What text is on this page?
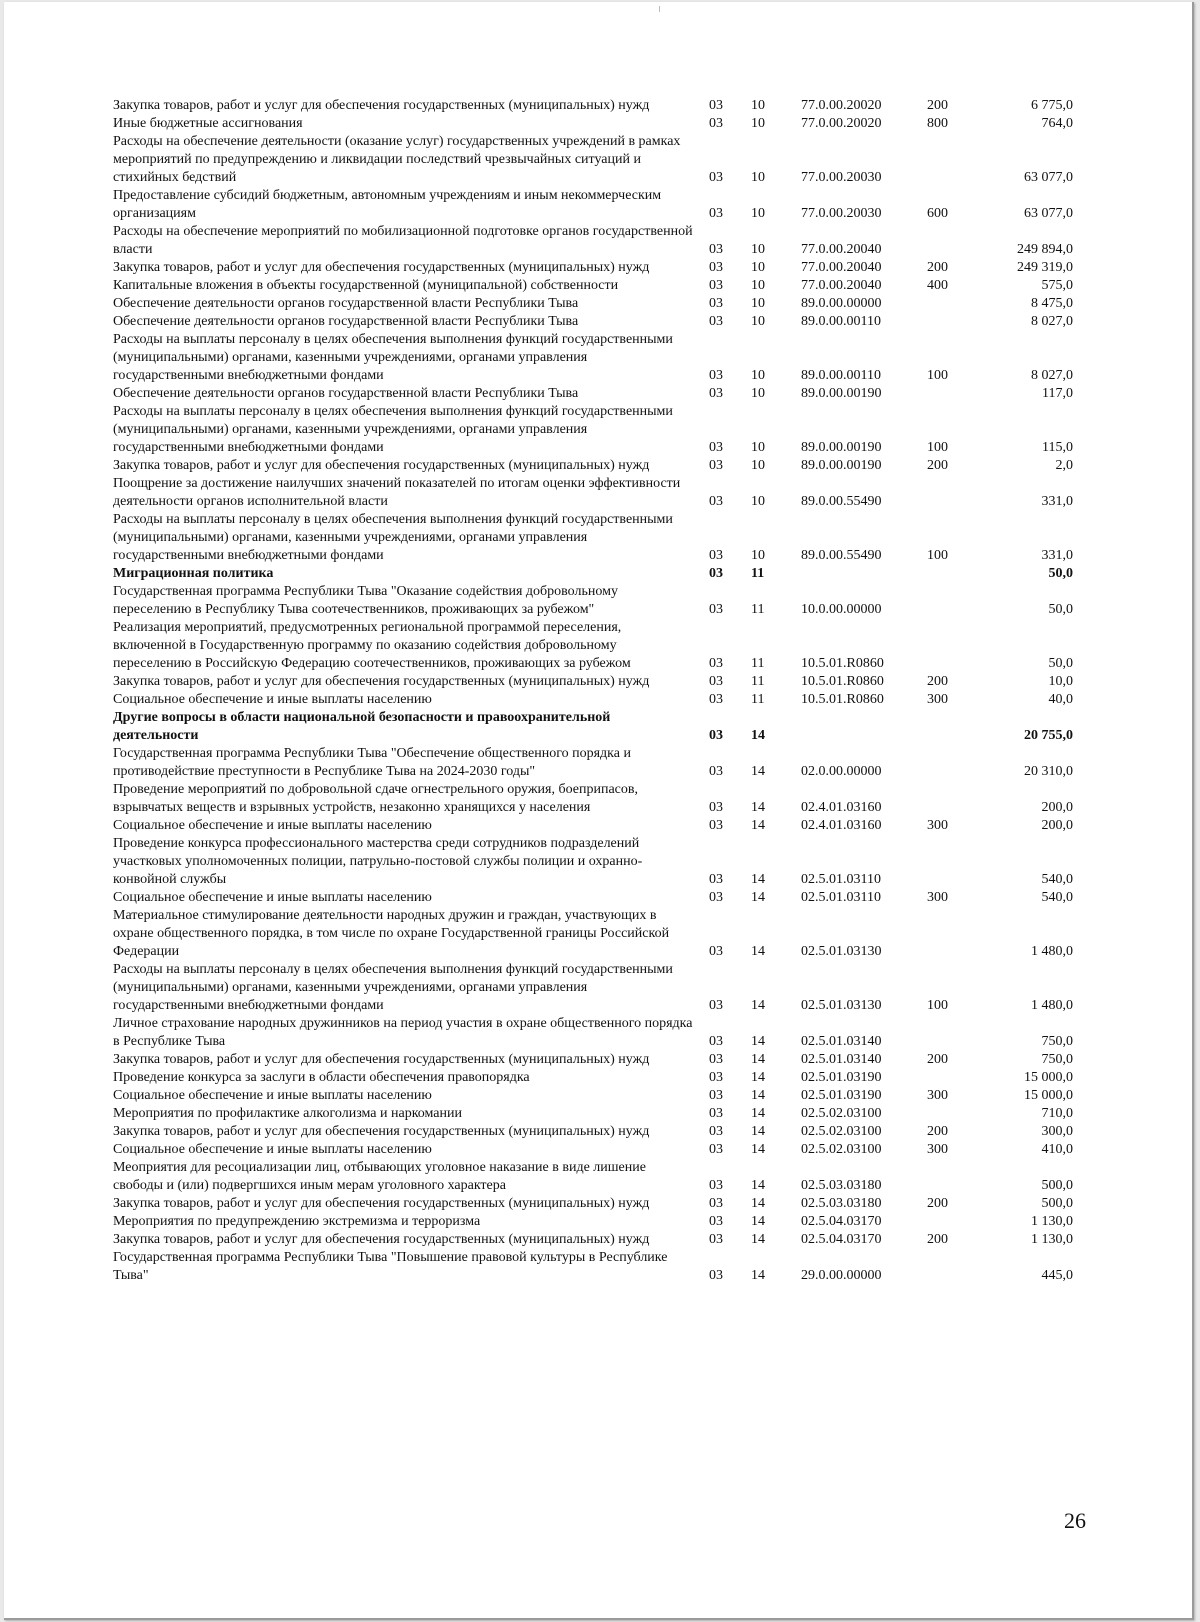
Закупка товаров, работ и услуг для обеспечения государственных (муниципальных) нужд	03	10	77.0.00.20020	200	6 775,0
Иные бюджетные ассигнования	03	10	77.0.00.20020	800	764,0
Расходы на обеспечение деятельности (оказание услуг) государственных учреждений в рамках мероприятий по предупреждению и ликвидации последствий чрезвычайных ситуаций и стихийных бедствий	03	10	77.0.00.20030		63 077,0
Предоставление субсидий бюджетным, автономным учреждениям и иным некоммерческим организациям	03	10	77.0.00.20030	600	63 077,0
Расходы на обеспечение мероприятий по мобилизационной подготовке органов государственной власти	03	10	77.0.00.20040		249 894,0
Закупка товаров, работ и услуг для обеспечения государственных (муниципальных) нужд	03	10	77.0.00.20040	200	249 319,0
Капитальные вложения в объекты государственной (муниципальной) собственности	03	10	77.0.00.20040	400	575,0
Обеспечение деятельности органов государственной власти Республики Тыва	03	10	89.0.00.00000		8 475,0
Обеспечение деятельности органов государственной власти Республики Тыва	03	10	89.0.00.00110		8 027,0
Расходы на выплаты персоналу в целях обеспечения выполнения функций государственными (муниципальными) органами, казенными учреждениями, органами управления государственными внебюджетными фондами	03	10	89.0.00.00110	100	8 027,0
Обеспечение деятельности органов государственной власти Республики Тыва	03	10	89.0.00.00190		117,0
Расходы на выплаты персоналу в целях обеспечения выполнения функций государственными (муниципальными) органами, казенными учреждениями, органами управления государственными внебюджетными фондами	03	10	89.0.00.00190	100	115,0
Закупка товаров, работ и услуг для обеспечения государственных (муниципальных) нужд	03	10	89.0.00.00190	200	2,0
Поощрение за достижение наилучших значений показателей по итогам оценки эффективности деятельности органов исполнительной власти	03	10	89.0.00.55490		331,0
Расходы на выплаты персоналу в целях обеспечения выполнения функций государственными (муниципальными) органами, казенными учреждениями, органами управления государственными внебюджетными фондами	03	10	89.0.00.55490	100	331,0
Миграционная политика	03	11			50,0
Государственная программа Республики Тыва "Оказание содействия добровольному переселению в Республику Тыва соотечественников, проживающих за рубежом"	03	11	10.0.00.00000		50,0
Реализация мероприятий, предусмотренных региональной программой переселения, включенной в Государственную программу по оказанию содействия добровольному переселению в Российскую Федерацию соотечественников, проживающих за рубежом	03	11	10.5.01.R0860		50,0
Закупка товаров, работ и услуг для обеспечения государственных (муниципальных) нужд	03	11	10.5.01.R0860	200	10,0
Социальное обеспечение и иные выплаты населению	03	11	10.5.01.R0860	300	40,0
Другие вопросы в области национальной безопасности и правоохранительной деятельности	03	14			20 755,0
Государственная программа Республики Тыва "Обеспечение общественного порядка и противодействие преступности в Республике Тыва на 2024-2030 годы"	03	14	02.0.00.00000		20 310,0
Проведение мероприятий по добровольной сдаче огнестрельного оружия, боеприпасов, взрывчатых веществ и взрывных устройств, незаконно хранящихся у населения	03	14	02.4.01.03160		200,0
Социальное обеспечение и иные выплаты населению	03	14	02.4.01.03160	300	200,0
Проведение конкурса профессионального мастерства среди сотрудников подразделений участковых уполномоченных полиции, патрульно-постовой службы полиции и охранно-конвойной службы	03	14	02.5.01.03110		540,0
Социальное обеспечение и иные выплаты населению	03	14	02.5.01.03110	300	540,0
Материальное стимулирование деятельности народных дружин и граждан, участвующих в охране общественного порядка, в том числе по охране Государственной границы Российской Федерации	03	14	02.5.01.03130		1 480,0
Расходы на выплаты персоналу в целях обеспечения выполнения функций государственными (муниципальными) органами, казенными учреждениями, органами управления государственными внебюджетными фондами	03	14	02.5.01.03130	100	1 480,0
Личное страхование народных дружинников на период участия в охране общественного порядка в Республике Тыва	03	14	02.5.01.03140		750,0
Закупка товаров, работ и услуг для обеспечения государственных (муниципальных) нужд	03	14	02.5.01.03140	200	750,0
Проведение конкурса за заслуги в области обеспечения правопорядка	03	14	02.5.01.03190		15 000,0
Социальное обеспечение и иные выплаты населению	03	14	02.5.01.03190	300	15 000,0
Мероприятия по профилактике алкоголизма и наркомании	03	14	02.5.02.03100		710,0
Закупка товаров, работ и услуг для обеспечения государственных (муниципальных) нужд	03	14	02.5.02.03100	200	300,0
Социальное обеспечение и иные выплаты населению	03	14	02.5.02.03100	300	410,0
Меоприятия для ресоциализации лиц, отбывающих уголовное наказание в виде лишение свободы и (или) подвергшихся иным мерам уголовного характера	03	14	02.5.03.03180		500,0
Закупка товаров, работ и услуг для обеспечения государственных (муниципальных) нужд	03	14	02.5.03.03180	200	500,0
Мероприятия по предупреждению экстремизма и терроризма	03	14	02.5.04.03170		1 130,0
Закупка товаров, работ и услуг для обеспечения государственных (муниципальных) нужд	03	14	02.5.04.03170	200	1 130,0
Государственная программа Республики Тыва "Повышение правовой культуры в Республике Тыва"	03	14	29.0.00.00000		445,0
26
